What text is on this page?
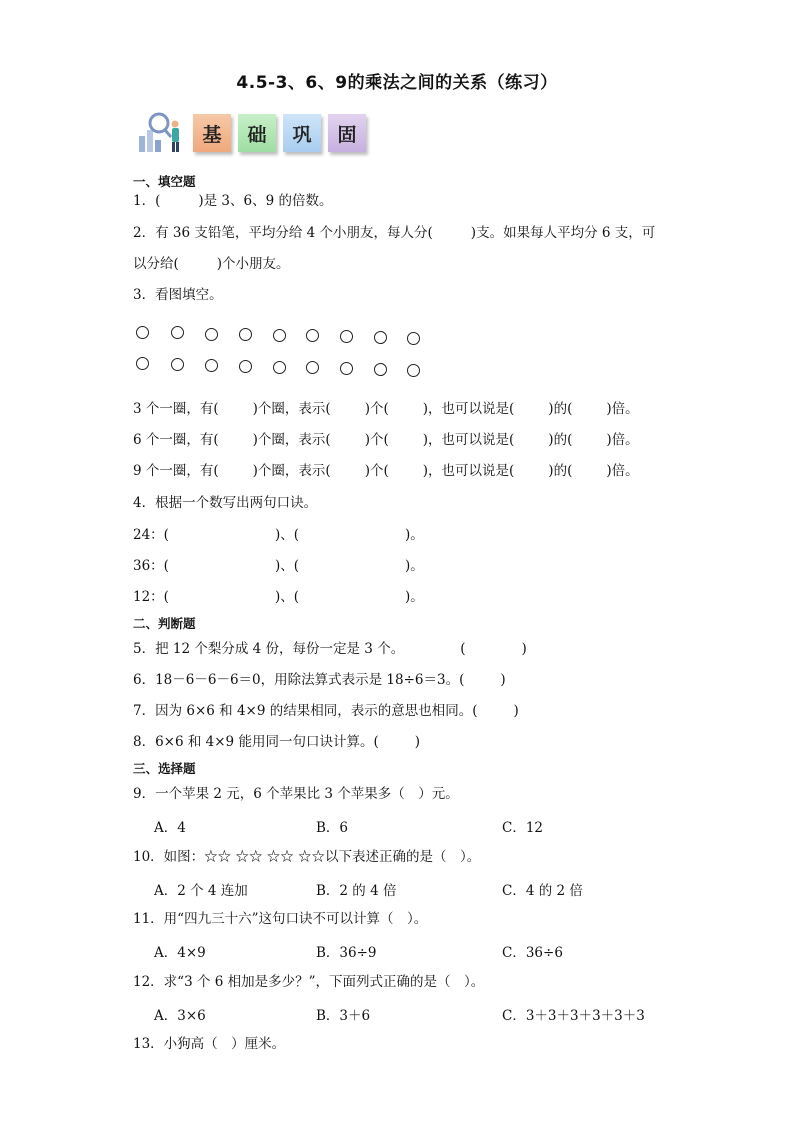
4.5-3、6、9的乘法之间的关系（练习）
基	础	巩	固
一、填空题
1．(	)是 3、6、9 的倍数。
2．有 36 支铅笔，平均分给 4 个小朋友，每人分(	)支。如果每人平均分 6 支，可
以分给(	)个小朋友。
3．看图填空。
3 个一圈，有(	)个圈，表示(	)个(	)，也可以说是(	)的(	)倍。
6 个一圈，有(	)个圈，表示(	)个(	)，也可以说是(	)的(	)倍。
9 个一圈，有(	)个圈，表示(	)个(	)，也可以说是(	)的(	)倍。
4．根据一个数写出两句口诀。
24：(	)、(	)。
36：(	)、(	)。
12：(	)、(	)。
二、判断题
5．把 12 个梨分成 4 份，每份一定是 3 个。	(	)
6．18－6－6－6＝0，用除法算式表示是 18÷6＝3。(	)
7．因为 6×6 和 4×9 的结果相同，表示的意思也相同。(	)
8．6×6 和 4×9 能用同一句口诀计算。(	)
三、选择题
9．一个苹果 2 元，6 个苹果比 3 个苹果多（　）元。
A．4	B．6	C．12
10．如图：☆☆ ☆☆ ☆☆ ☆☆以下表述正确的是（　）。
A．2 个 4 连加	B．2 的 4 倍	C．4 的 2 倍
11．用“四九三十六”这句口诀不可以计算（　）。
A．4×9	B．36÷9	C．36÷6
12．求“3 个 6 相加是多少？”，下面列式正确的是（　）。
A．3×6	B．3＋6	C．3＋3＋3＋3＋3＋3
13．小狗高（　）厘米。
